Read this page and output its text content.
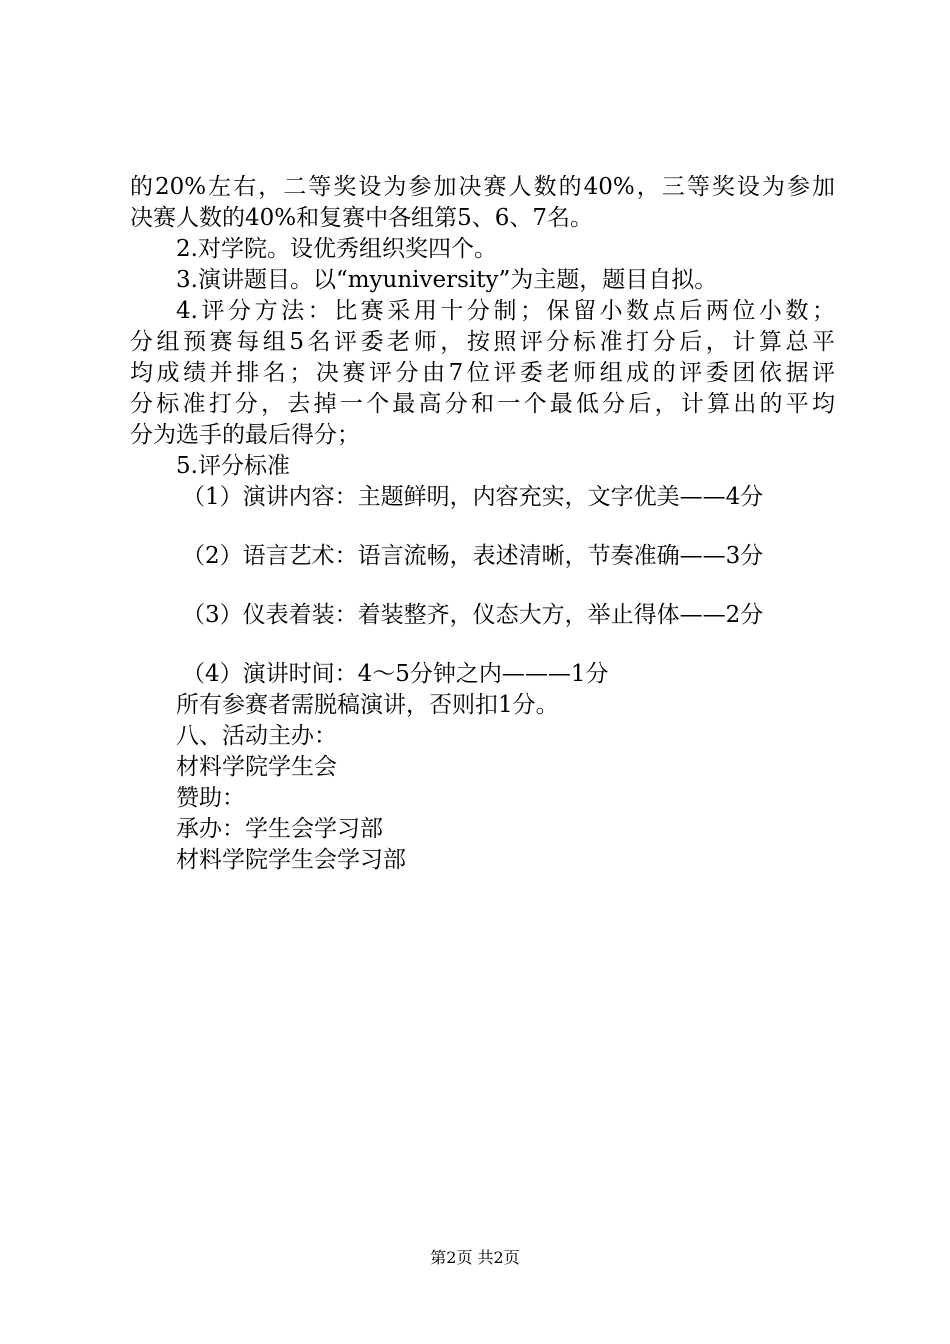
的20%左右，二等奖设为参加决赛人数的40%，三等奖设为参加

决赛人数的40%和复赛中各组第5、6、7名。

2.对学院。设优秀组织奖四个。

3.演讲题目。以“myuniversity”为主题，题目自拟。

4.评分方法：比赛采用十分制；保留小数点后两位小数；

分组预赛每组5名评委老师，按照评分标准打分后，计算总平

均成绩并排名；决赛评分由7位评委老师组成的评委团依据评

分标准打分，去掉一个最高分和一个最低分后，计算出的平均

分为选手的最后得分；

5.评分标准

（1）演讲内容：主题鲜明，内容充实，文字优美——4分

（2）语言艺术：语言流畅，表述清晰，节奏准确——3分

（3）仪表着装：着装整齐，仪态大方，举止得体——2分

（4）演讲时间：4～5分钟之内———1分

所有参赛者需脱稿演讲，否则扣1分。

八、活动主办：

材料学院学生会

赞助：

承办：学生会学习部

材料学院学生会学习部

第2页 共2页
